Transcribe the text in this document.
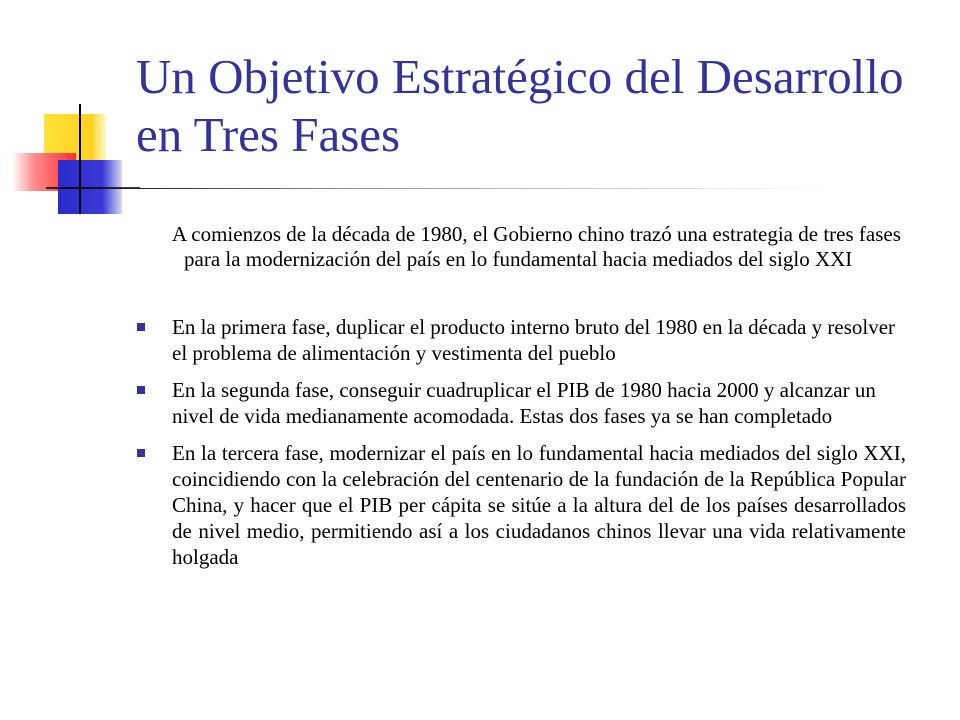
Un Objetivo Estratégico del Desarrollo en Tres Fases

A comienzos de la década de 1980, el Gobierno chino trazó una estrategia de tres fases para la modernización del país en lo fundamental hacia mediados del siglo XXI

En la primera fase, duplicar el producto interno bruto del 1980 en la década y resolver el problema de alimentación y vestimenta del pueblo
En la segunda fase, conseguir cuadruplicar el PIB de 1980 hacia 2000 y alcanzar un nivel de vida medianamente acomodada. Estas dos fases ya se han completado
En la tercera fase, modernizar el país en lo fundamental hacia mediados del siglo XXI, coincidiendo con la celebración del centenario de la fundación de la República Popular China, y hacer que el PIB per cápita se sitúe a la altura del de los países desarrollados de nivel medio, permitiendo así a los ciudadanos chinos llevar una vida relativamente holgada
